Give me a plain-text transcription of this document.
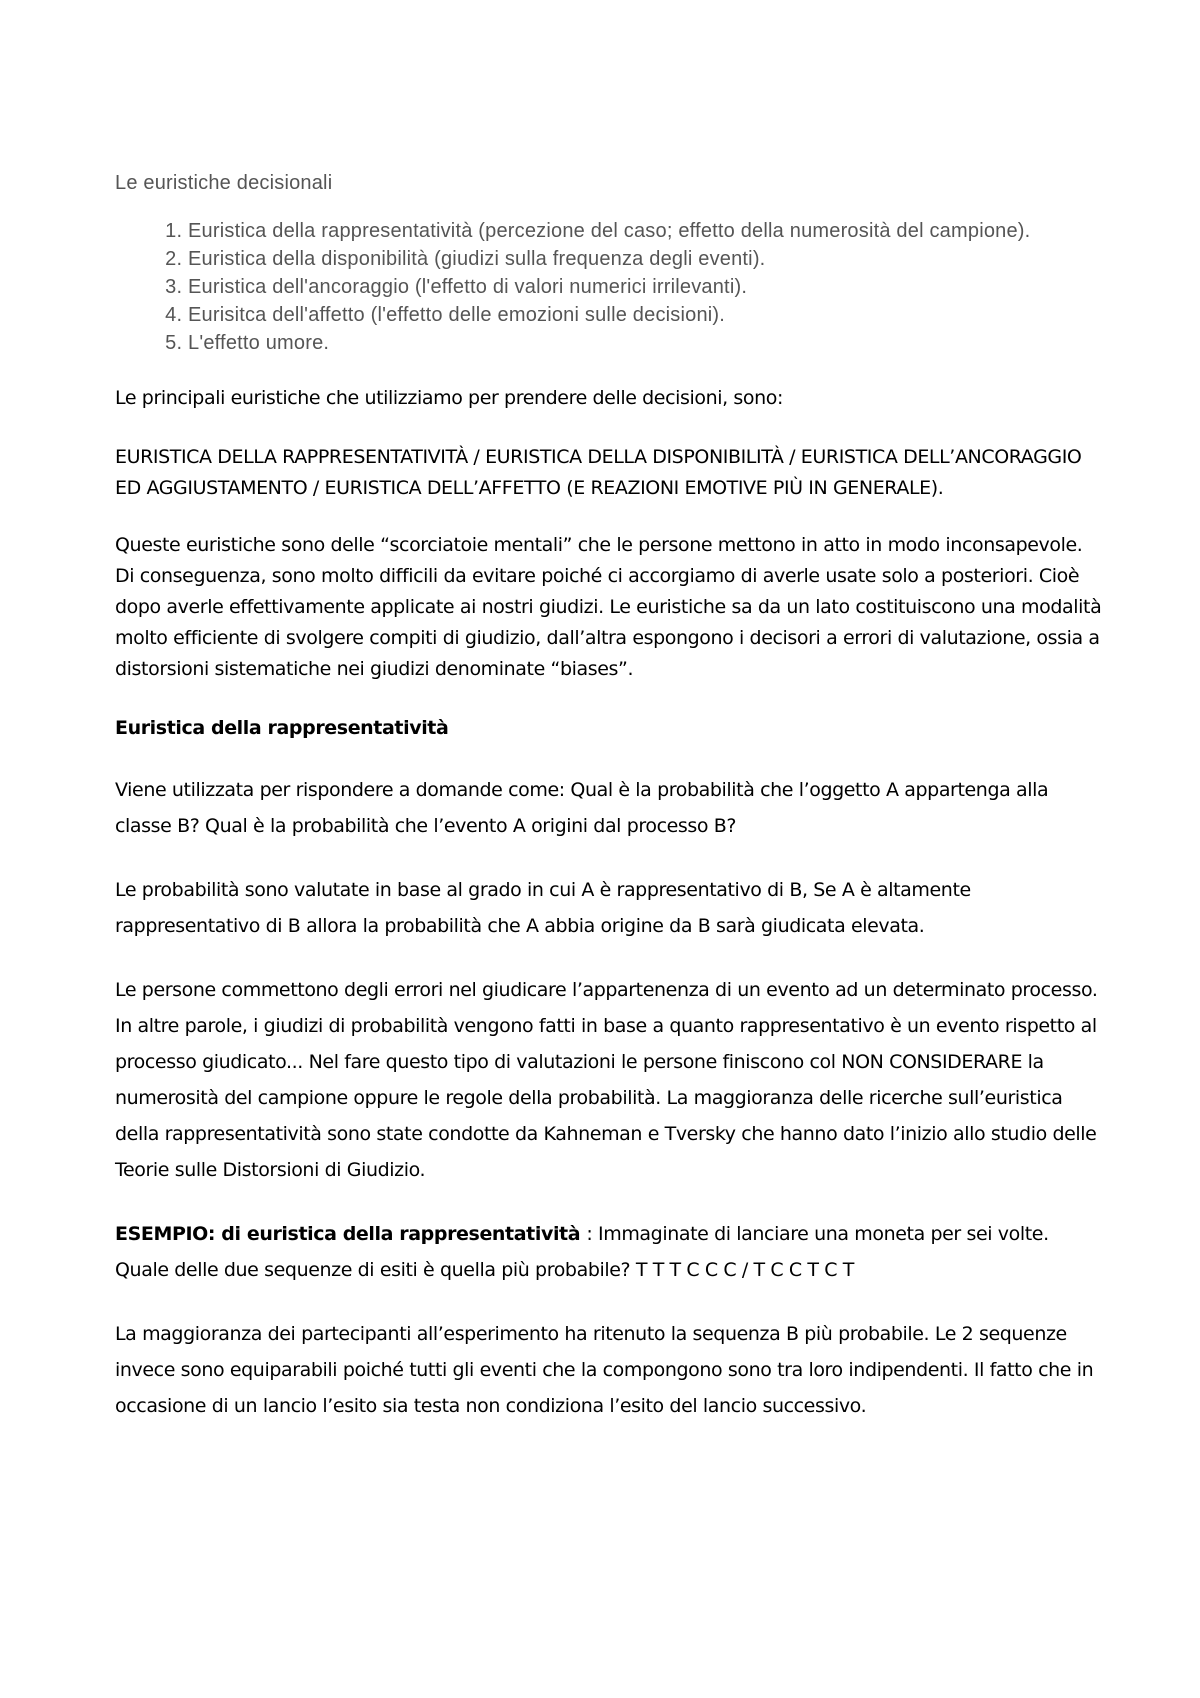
Le euristiche decisionali

1. Euristica della rappresentatività (percezione del caso; effetto della numerosità del campione).
2. Euristica della disponibilità (giudizi sulla frequenza degli eventi).
3. Euristica dell'ancoraggio (l'effetto di valori numerici irrilevanti).
4. Eurisitca dell'affetto (l'effetto delle emozioni sulle decisioni).
5. L'effetto umore.

Le principali euristiche che utilizziamo per prendere delle decisioni, sono:

EURISTICA DELLA RAPPRESENTATIVITÀ / EURISTICA DELLA DISPONIBILITÀ / EURISTICA DELL’ANCORAGGIO ED AGGIUSTAMENTO / EURISTICA DELL’AFFETTO (E REAZIONI EMOTIVE PIÙ IN GENERALE).

Queste euristiche sono delle “scorciatoie mentali” che le persone mettono in atto in modo inconsapevole. Di conseguenza, sono molto difficili da evitare poiché ci accorgiamo di averle usate solo a posteriori. Cioè dopo averle effettivamente applicate ai nostri giudizi. Le euristiche sa da un lato costituiscono una modalità molto efficiente di svolgere compiti di giudizio, dall’altra espongono i decisori a errori di valutazione, ossia a distorsioni sistematiche nei giudizi denominate “biases”.

Euristica della rappresentatività

Viene utilizzata per rispondere a domande come: Qual è la probabilità che l’oggetto A appartenga alla classe B? Qual è la probabilità che l’evento A origini dal processo B?

Le probabilità sono valutate in base al grado in cui A è rappresentativo di B, Se A è altamente rappresentativo di B allora la probabilità che A abbia origine da B sarà giudicata elevata.

Le persone commettono degli errori nel giudicare l’appartenenza di un evento ad un determinato processo. In altre parole, i giudizi di probabilità vengono fatti in base a quanto rappresentativo è un evento rispetto al processo giudicato... Nel fare questo tipo di valutazioni le persone finiscono col NON CONSIDERARE la numerosità del campione oppure le regole della probabilità. La maggioranza delle ricerche sull’euristica della rappresentatività sono state condotte da Kahneman e Tversky che hanno dato l’inizio allo studio delle Teorie sulle Distorsioni di Giudizio.

ESEMPIO: di euristica della rappresentatività : Immaginate di lanciare una moneta per sei volte. Quale delle due sequenze di esiti è quella più probabile? T T T C C C / T C C T C T

La maggioranza dei partecipanti all’esperimento ha ritenuto la sequenza B più probabile. Le 2 sequenze invece sono equiparabili poiché tutti gli eventi che la compongono sono tra loro indipendenti. Il fatto che in occasione di un lancio l’esito sia testa non condiziona l’esito del lancio successivo.
